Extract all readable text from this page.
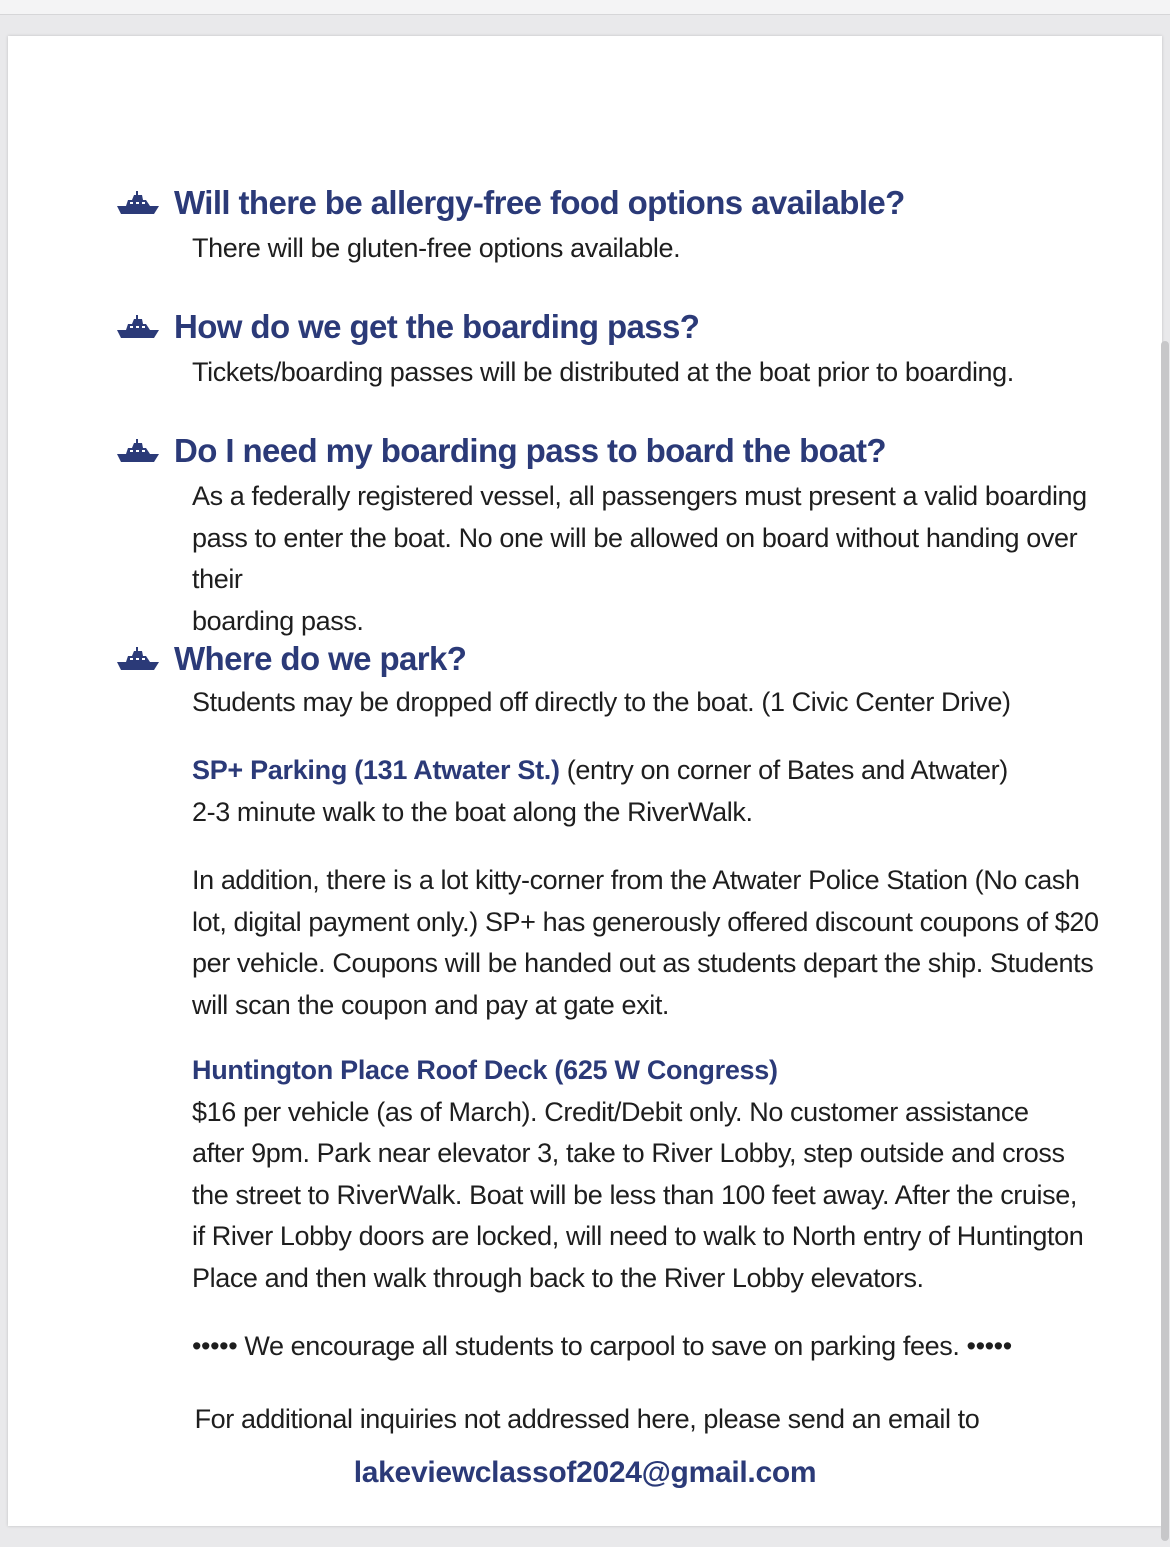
Will there be allergy-free food options available?
There will be gluten-free options available.
How do we get the boarding pass?
Tickets/boarding passes will be distributed at the boat prior to boarding.
Do I need my boarding pass to board the boat?
As a federally registered vessel, all passengers must present a valid boarding
pass to enter the boat. No one will be allowed on board without handing over their
boarding pass.
Where do we park?
Students may be dropped off directly to the boat. (1 Civic Center Drive)
SP+ Parking (131 Atwater St.) (entry on corner of Bates and Atwater)
2-3 minute walk to the boat along the RiverWalk.
In addition, there is a lot kitty-corner from the Atwater Police Station (No cash
lot, digital payment only.) SP+ has generously offered discount coupons of $20
per vehicle. Coupons will be handed out as students depart the ship. Students
will scan the coupon and pay at gate exit.
Huntington Place Roof Deck (625 W Congress)
$16 per vehicle (as of March). Credit/Debit only. No customer assistance
after 9pm. Park near elevator 3, take to River Lobby, step outside and cross
the street to RiverWalk. Boat will be less than 100 feet away. After the cruise,
if River Lobby doors are locked, will need to walk to North entry of Huntington
Place and then walk through back to the River Lobby elevators.
••••• We encourage all students to carpool to save on parking fees. •••••
For additional inquiries not addressed here, please send an email to
lakeviewclassof2024@gmail.com
